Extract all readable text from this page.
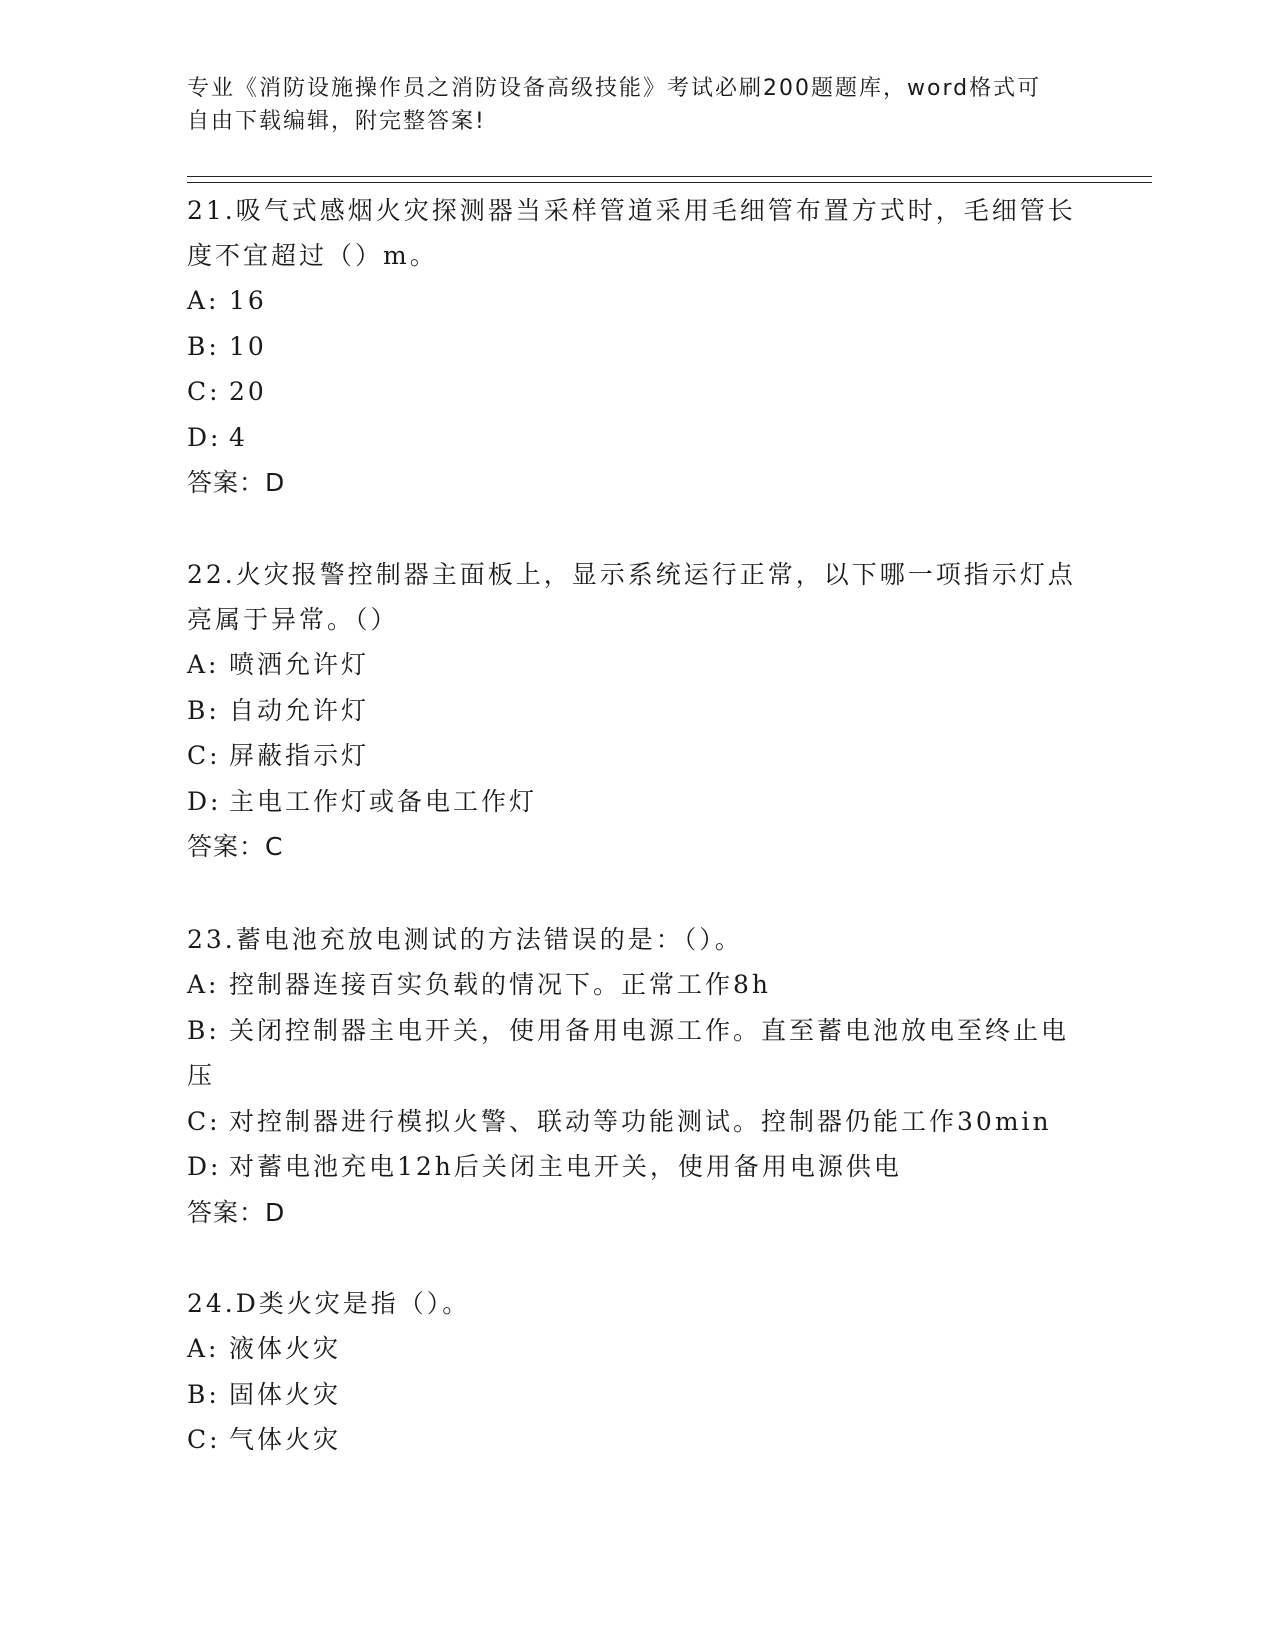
专业《消防设施操作员之消防设备高级技能》考试必刷200题题库，word格式可
自由下载编辑，附完整答案!

21.吸气式感烟火灾探测器当采样管道采用毛细管布置方式时，毛细管长度不宜超过（）m。

A: 16

B: 10

C: 20

D: 4

答案：D

22.火灾报警控制器主面板上，显示系统运行正常，以下哪一项指示灯点亮属于异常。（）

A: 喷洒允许灯

B: 自动允许灯

C: 屏蔽指示灯

D: 主电工作灯或备电工作灯

答案：C

23.蓄电池充放电测试的方法错误的是：（）。

A: 控制器连接百实负载的情况下。正常工作8h

B: 关闭控制器主电开关，使用备用电源工作。直至蓄电池放电至终止电压

C: 对控制器进行模拟火警、联动等功能测试。控制器仍能工作30min

D: 对蓄电池充电12h后关闭主电开关，使用备用电源供电

答案：D

24.D类火灾是指（）。

A: 液体火灾

B: 固体火灾

C: 气体火灾
